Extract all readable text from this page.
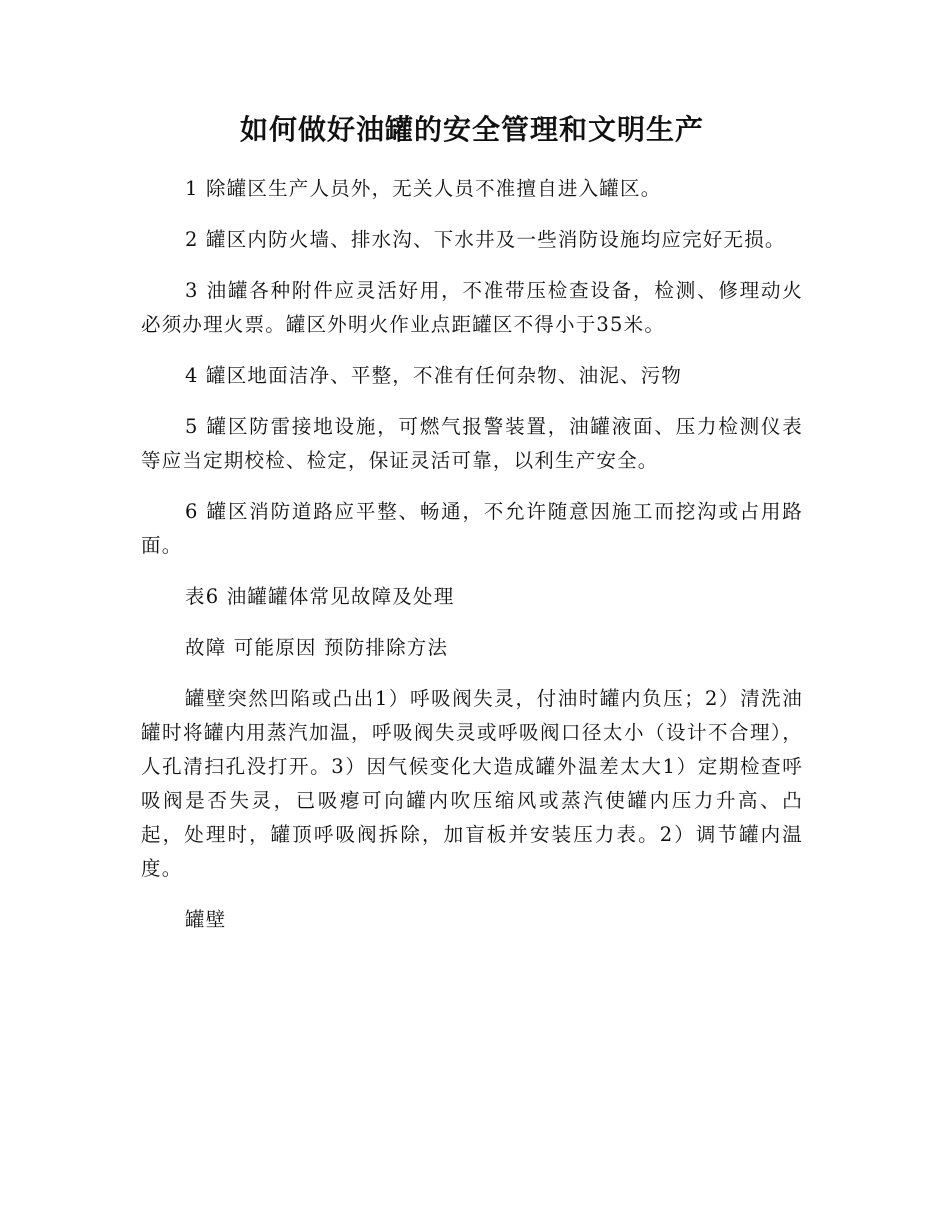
如何做好油罐的安全管理和文明生产

1 除罐区生产人员外，无关人员不准擅自进入罐区。

2 罐区内防火墙、排水沟、下水井及一些消防设施均应完好无损。

3 油罐各种附件应灵活好用，不准带压检查设备，检测、修理动火必须办理火票。罐区外明火作业点距罐区不得小于35米。

4 罐区地面洁净、平整，不准有任何杂物、油泥、污物

5 罐区防雷接地设施，可燃气报警装置，油罐液面、压力检测仪表等应当定期校检、检定，保证灵活可靠，以利生产安全。

6 罐区消防道路应平整、畅通，不允许随意因施工而挖沟或占用路面。

表6 油罐罐体常见故障及处理

故障 可能原因 预防排除方法

罐壁突然凹陷或凸出1）呼吸阀失灵，付油时罐内负压；2）清洗油罐时将罐内用蒸汽加温，呼吸阀失灵或呼吸阀口径太小（设计不合理），人孔清扫孔没打开。3）因气候变化大造成罐外温差太大1）定期检查呼吸阀是否失灵，已吸瘪可向罐内吹压缩风或蒸汽使罐内压力升高、凸起，处理时，罐顶呼吸阀拆除，加盲板并安装压力表。2）调节罐内温度。

罐壁
